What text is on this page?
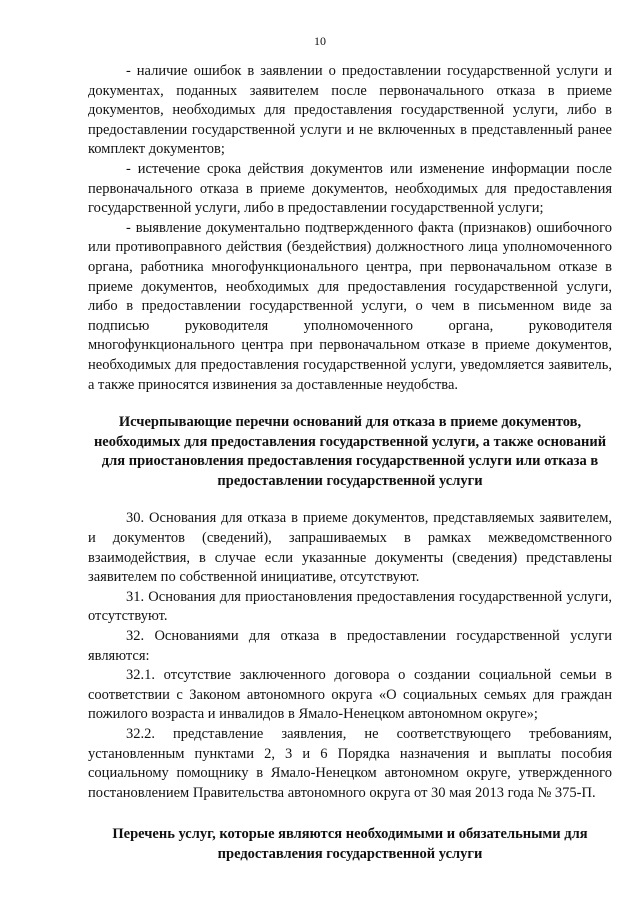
10

- наличие ошибок в заявлении о предоставлении государственной услуги и документах, поданных заявителем после первоначального отказа в приеме документов, необходимых для предоставления государственной услуги, либо в предоставлении государственной услуги и не включенных в представленный ранее комплект документов;

- истечение срока действия документов или изменение информации после первоначального отказа в приеме документов, необходимых для предоставления государственной услуги, либо в предоставлении государственной услуги;

- выявление документально подтвержденного факта (признаков) ошибочного или противоправного действия (бездействия) должностного лица уполномоченного органа, работника многофункционального центра, при первоначальном отказе в приеме документов, необходимых для предоставления государственной услуги, либо в предоставлении государственной услуги, о чем в письменном виде за подписью руководителя уполномоченного органа, руководителя многофункционального центра при первоначальном отказе в приеме документов, необходимых для предоставления государственной услуги, уведомляется заявитель, а также приносятся извинения за доставленные неудобства.

Исчерпывающие перечни оснований для отказа в приеме документов, необходимых для предоставления государственной услуги, а также оснований для приостановления предоставления государственной услуги или отказа в предоставлении государственной услуги

30. Основания для отказа в приеме документов, представляемых заявителем, и документов (сведений), запрашиваемых в рамках межведомственного взаимодействия, в случае если указанные документы (сведения) представлены заявителем по собственной инициативе, отсутствуют.

31. Основания для приостановления предоставления государственной услуги, отсутствуют.

32. Основаниями для отказа в предоставлении государственной услуги являются:

32.1. отсутствие заключенного договора о создании социальной семьи в соответствии с Законом автономного округа «О социальных семьях для граждан пожилого возраста и инвалидов в Ямало-Ненецком автономном округе»;

32.2. представление заявления, не соответствующего требованиям, установленным пунктами 2, 3 и 6 Порядка назначения и выплаты пособия социальному помощнику в Ямало-Ненецком автономном округе, утвержденного постановлением Правительства автономного округа от 30 мая 2013 года № 375-П.

Перечень услуг, которые являются необходимыми и обязательными для предоставления государственной услуги
